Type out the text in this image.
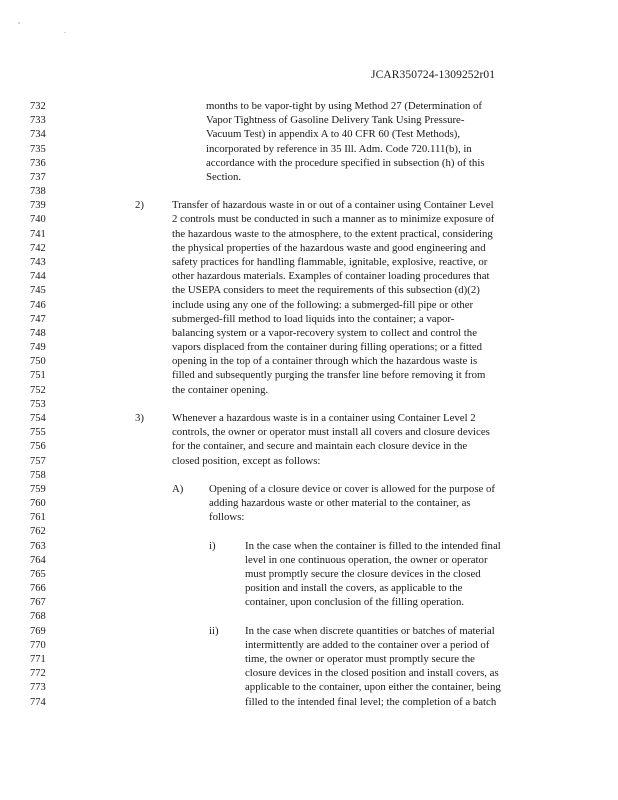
JCAR350724-1309252r01
732	months to be vapor-tight by using Method 27 (Determination of
733	Vapor Tightness of Gasoline Delivery Tank Using Pressure-
734	Vacuum Test) in appendix A to 40 CFR 60 (Test Methods),
735	incorporated by reference in 35 Ill. Adm. Code 720.111(b), in
736	accordance with the procedure specified in subsection (h) of this
737	Section.
738
739	2)	Transfer of hazardous waste in or out of a container using Container Level
740	2 controls must be conducted in such a manner as to minimize exposure of
741	the hazardous waste to the atmosphere, to the extent practical, considering
742	the physical properties of the hazardous waste and good engineering and
743	safety practices for handling flammable, ignitable, explosive, reactive, or
744	other hazardous materials. Examples of container loading procedures that
745	the USEPA considers to meet the requirements of this subsection (d)(2)
746	include using any one of the following: a submerged-fill pipe or other
747	submerged-fill method to load liquids into the container; a vapor-
748	balancing system or a vapor-recovery system to collect and control the
749	vapors displaced from the container during filling operations; or a fitted
750	opening in the top of a container through which the hazardous waste is
751	filled and subsequently purging the transfer line before removing it from
752	the container opening.
753
754	3)	Whenever a hazardous waste is in a container using Container Level 2
755	controls, the owner or operator must install all covers and closure devices
756	for the container, and secure and maintain each closure device in the
757	closed position, except as follows:
758
759	A) Opening of a closure device or cover is allowed for the purpose of
760	adding hazardous waste or other material to the container, as
761	follows:
762
763	i)	In the case when the container is filled to the intended final
764	level in one continuous operation, the owner or operator
765	must promptly secure the closure devices in the closed
766	position and install the covers, as applicable to the
767	container, upon conclusion of the filling operation.
768
769	ii) In the case when discrete quantities or batches of material
770	intermittently are added to the container over a period of
771	time, the owner or operator must promptly secure the
772	closure devices in the closed position and install covers, as
773	applicable to the container, upon either the container, being
774	filled to the intended final level; the completion of a batch
